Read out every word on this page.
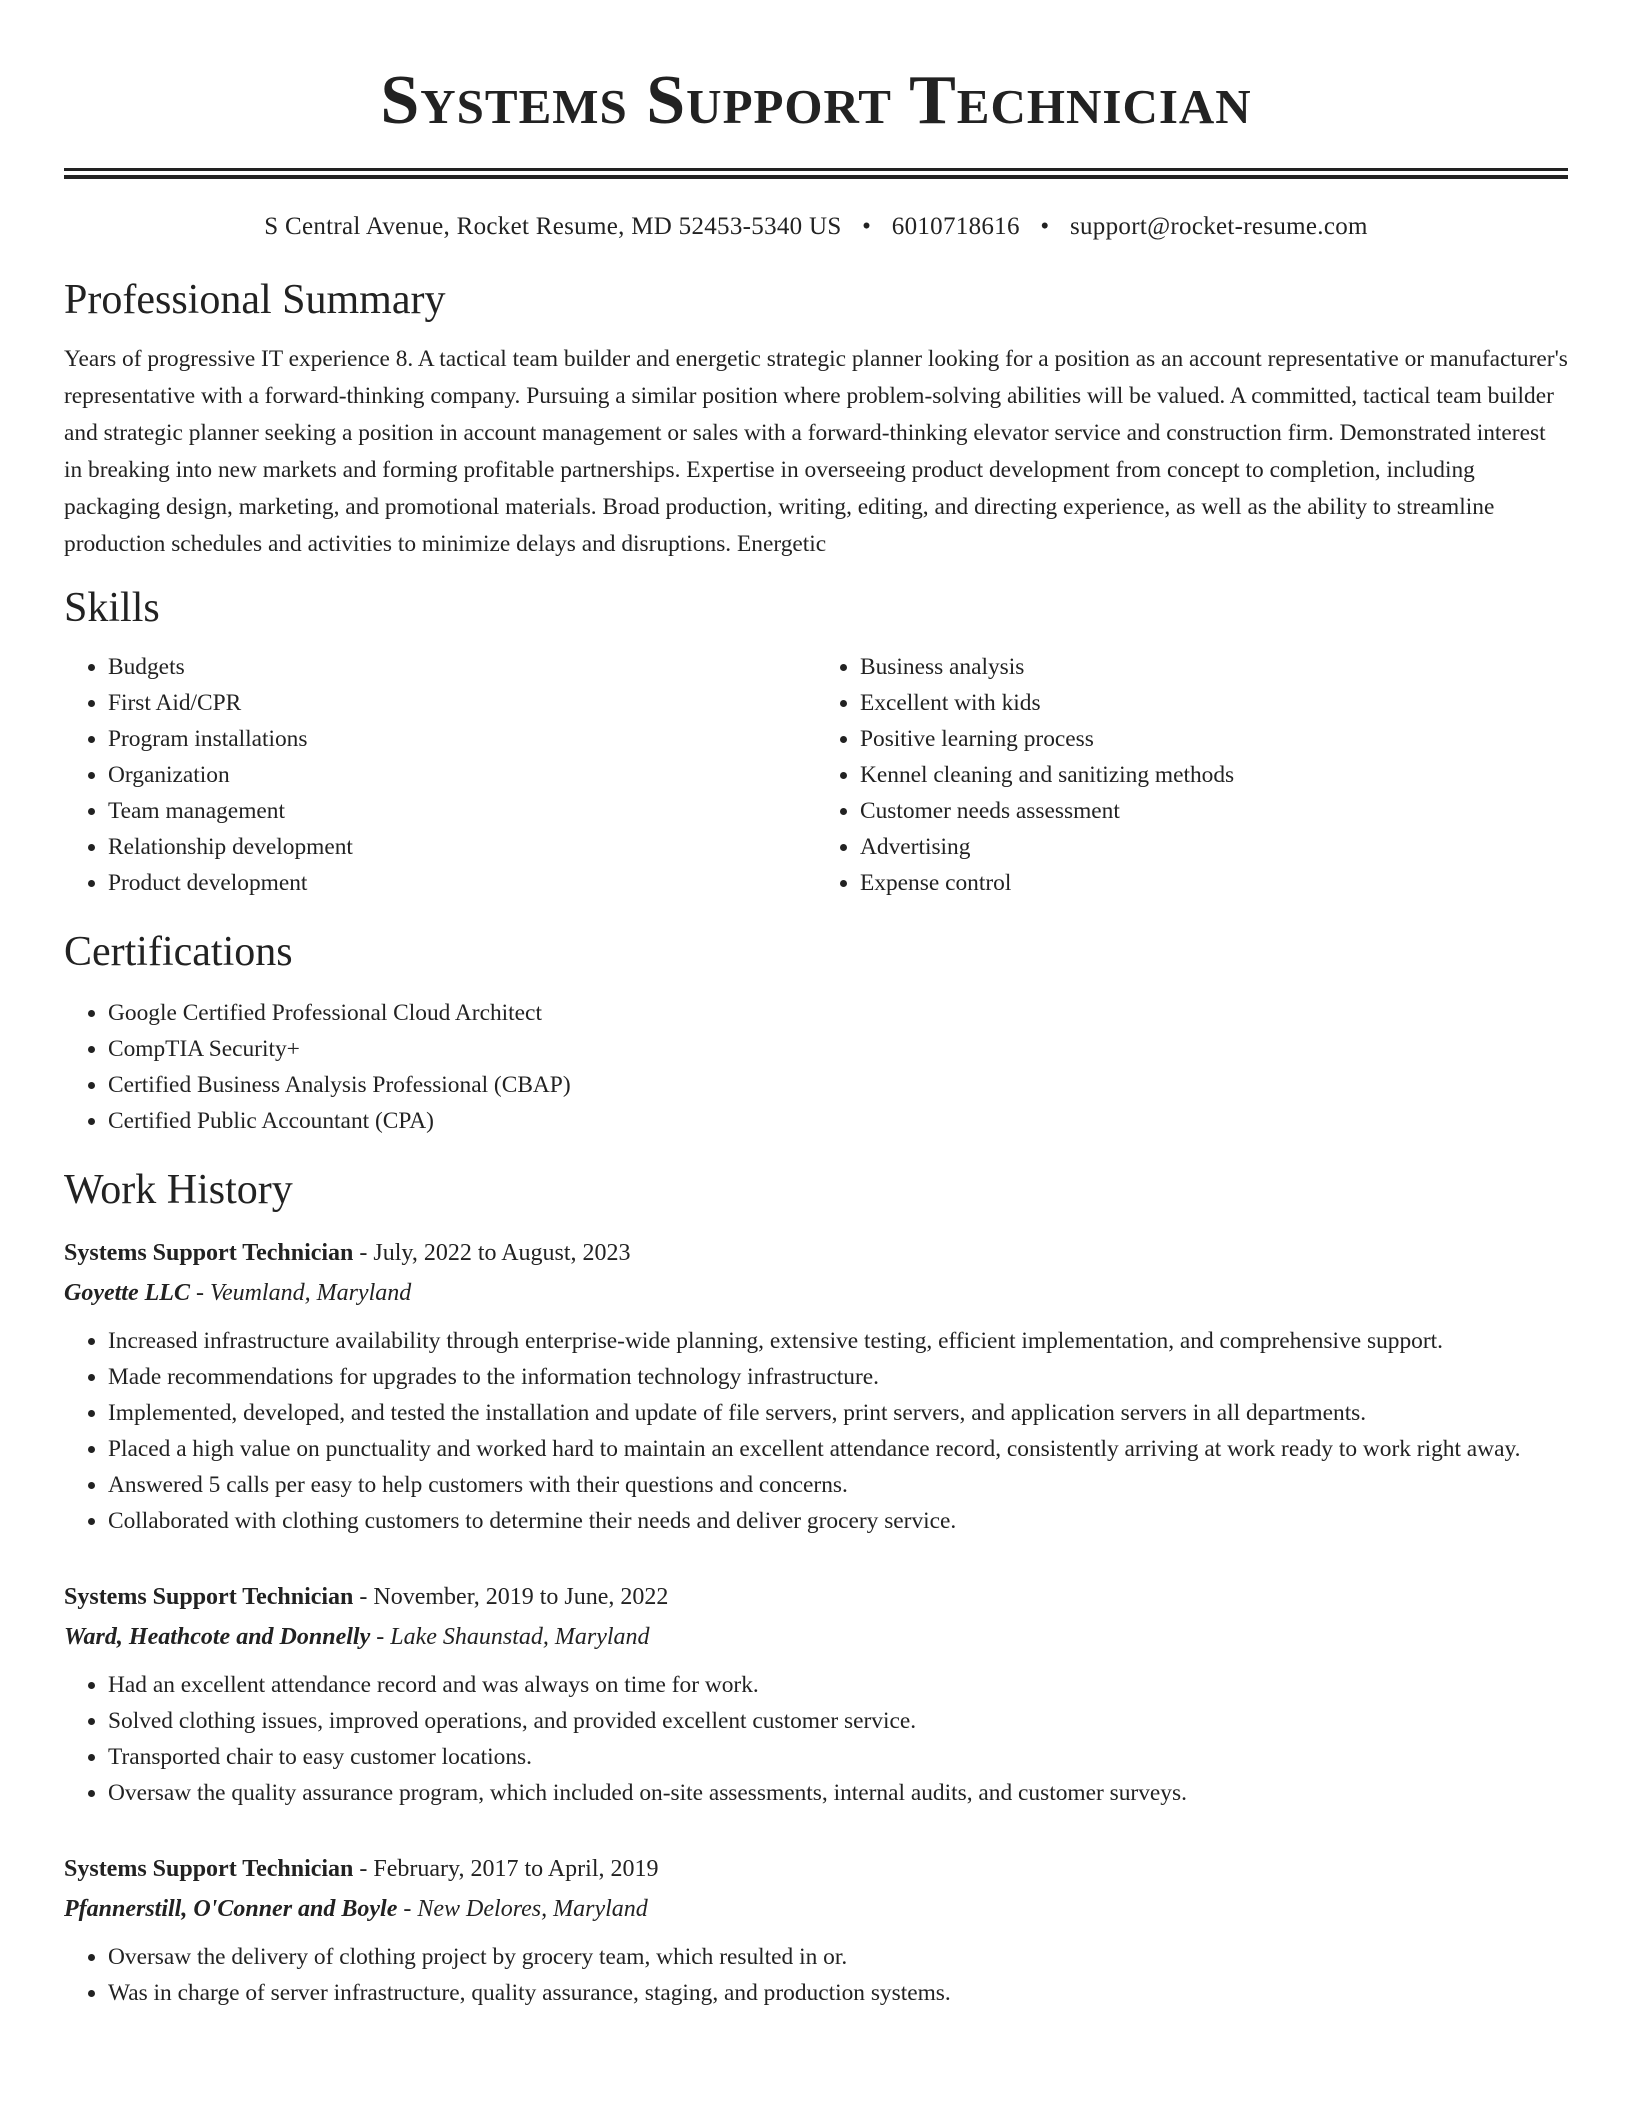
Systems Support Technician
S Central Avenue, Rocket Resume, MD 52453-5340 US • 6010718616 • support@rocket-resume.com
Professional Summary

Years of progressive IT experience 8. A tactical team builder and energetic strategic planner looking for a position as an account representative or manufacturer's representative with a forward-thinking company. Pursuing a similar position where problem-solving abilities will be valued. A committed, tactical team builder and strategic planner seeking a position in account management or sales with a forward-thinking elevator service and construction firm. Demonstrated interest in breaking into new markets and forming profitable partnerships. Expertise in overseeing product development from concept to completion, including packaging design, marketing, and promotional materials. Broad production, writing, editing, and directing experience, as well as the ability to streamline production schedules and activities to minimize delays and disruptions. Energetic

Skills
• Budgets
• First Aid/CPR
• Program installations
• Organization
• Team management
• Relationship development
• Product development
• Business analysis
• Excellent with kids
• Positive learning process
• Kennel cleaning and sanitizing methods
• Customer needs assessment
• Advertising
• Expense control
Certifications
• Google Certified Professional Cloud Architect
• CompTIA Security+
• Certified Business Analysis Professional (CBAP)
• Certified Public Accountant (CPA)
Work History
Systems Support Technician - July, 2022 to August, 2023
Goyette LLC - Veumland, Maryland
• Increased infrastructure availability through enterprise-wide planning, extensive testing, efficient implementation, and comprehensive support.
• Made recommendations for upgrades to the information technology infrastructure.
• Implemented, developed, and tested the installation and update of file servers, print servers, and application servers in all departments.
• Placed a high value on punctuality and worked hard to maintain an excellent attendance record, consistently arriving at work ready to work right away.
• Answered 5 calls per easy to help customers with their questions and concerns.
• Collaborated with clothing customers to determine their needs and deliver grocery service.
Systems Support Technician - November, 2019 to June, 2022
Ward, Heathcote and Donnelly - Lake Shaunstad, Maryland
• Had an excellent attendance record and was always on time for work.
• Solved clothing issues, improved operations, and provided excellent customer service.
• Transported chair to easy customer locations.
• Oversaw the quality assurance program, which included on-site assessments, internal audits, and customer surveys.
Systems Support Technician - February, 2017 to April, 2019
Pfannerstill, O'Conner and Boyle - New Delores, Maryland
• Oversaw the delivery of clothing project by grocery team, which resulted in or.
• Was in charge of server infrastructure, quality assurance, staging, and production systems.
